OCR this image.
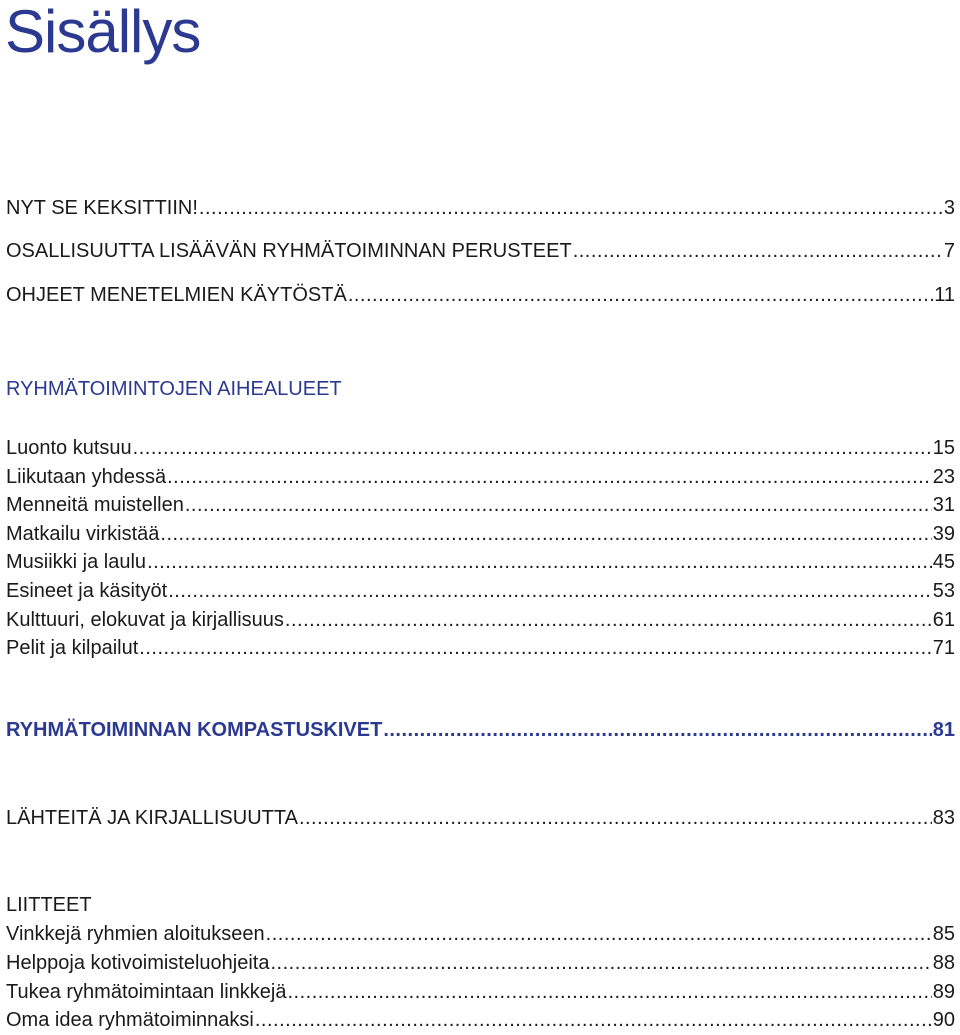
Sisällys
NYT SE KEKSITTIIN! .....	3
OSALLISUUTTA LISÄÄVÄN RYHMÄTOIMINNAN PERUSTEET .....	7
OHJEET MENETELMIEN KÄYTÖSTÄ .....	11
RYHMÄTOIMINTOJEN AIHEALUEET
Luonto kutsuu .....	15
Liikutaan yhdessä .....	23
Menneitä muistellen .....	31
Matkailu virkistää .....	39
Musiikki ja laulu .....	45
Esineet ja käsityöt .....	53
Kulttuuri, elokuvat ja kirjallisuus .....	61
Pelit ja kilpailut .....	71
RYHMÄTOIMINNAN KOMPASTUSKIVET .....	81
LÄHTEITÄ JA KIRJALLISUUTTA .....	83
LIITTEET
Vinkkejä ryhmien aloitukseen .....	85
Helppoja kotivoimisteluohjeita .....	88
Tukea ryhmätoimintaan linkkejä .....	89
Oma idea ryhmätoiminnaksi .....	90
